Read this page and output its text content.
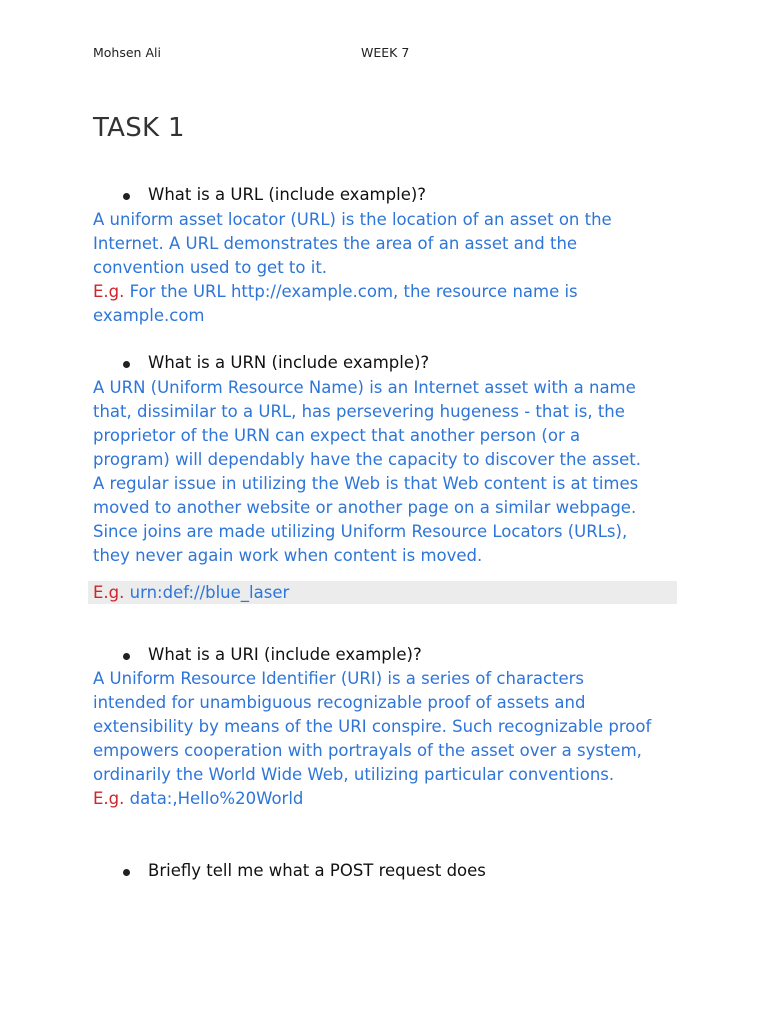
Mohsen Ali	WEEK 7
TASK 1
What is a URL (include example)?

A uniform asset locator (URL) is the location of an asset on the

Internet. A URL demonstrates the area of an asset and the

convention used to get to it.

E.g. For the URL http://example.com, the resource name is

example.com

What is a URN (include example)?

A URN (Uniform Resource Name) is an Internet asset with a name

that, dissimilar to a URL, has persevering hugeness - that is, the

proprietor of the URN can expect that another person (or a

program) will dependably have the capacity to discover the asset.

A regular issue in utilizing the Web is that Web content is at times

moved to another website or another page on a similar webpage.

Since joins are made utilizing Uniform Resource Locators (URLs),

they never again work when content is moved.

E.g. urn:def://blue_laser
What is a URI (include example)?

A Uniform Resource Identifier (URI) is a series of characters

intended for unambiguous recognizable proof of assets and

extensibility by means of the URI conspire. Such recognizable proof

empowers cooperation with portrayals of the asset over a system,

ordinarily the World Wide Web, utilizing particular conventions.

E.g. data:,Hello%20World

Briefly tell me what a POST request does
